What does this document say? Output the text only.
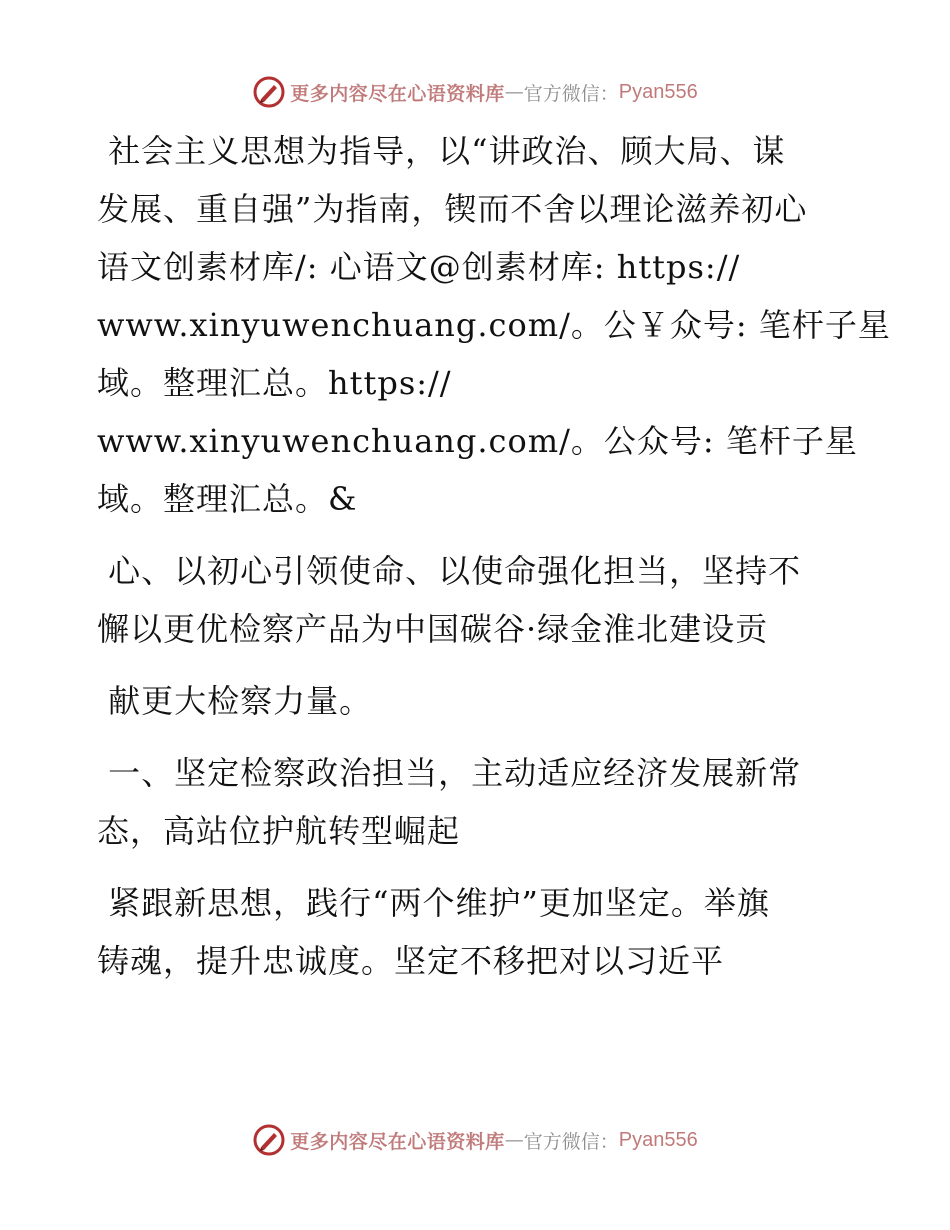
更多内容尽在心语资料库 — 官方微信： Pyan556

社会主义思想为指导，以“讲政治、顾大局、谋

发展、重自强”为指南，锲而不舍以理论滋养初心

语文创素材库/: 心语文@创素材库: https://

www.xinyuwenchuang.com/。公￥众号: 笔杆子星

域。整理汇总。https://

www.xinyuwenchuang.com/。公众号: 笔杆子星

域。整理汇总。&

心、以初心引领使命、以使命强化担当，坚持不

懈以更优检察产品为中国碳谷·绿金淮北建设贡

献更大检察力量。

一、坚定检察政治担当，主动适应经济发展新常

态，高站位护航转型崛起

紧跟新思想，践行“两个维护”更加坚定。举旗

铸魂，提升忠诚度。坚定不移把对以习近平

更多内容尽在心语资料库 — 官方微信： Pyan556
